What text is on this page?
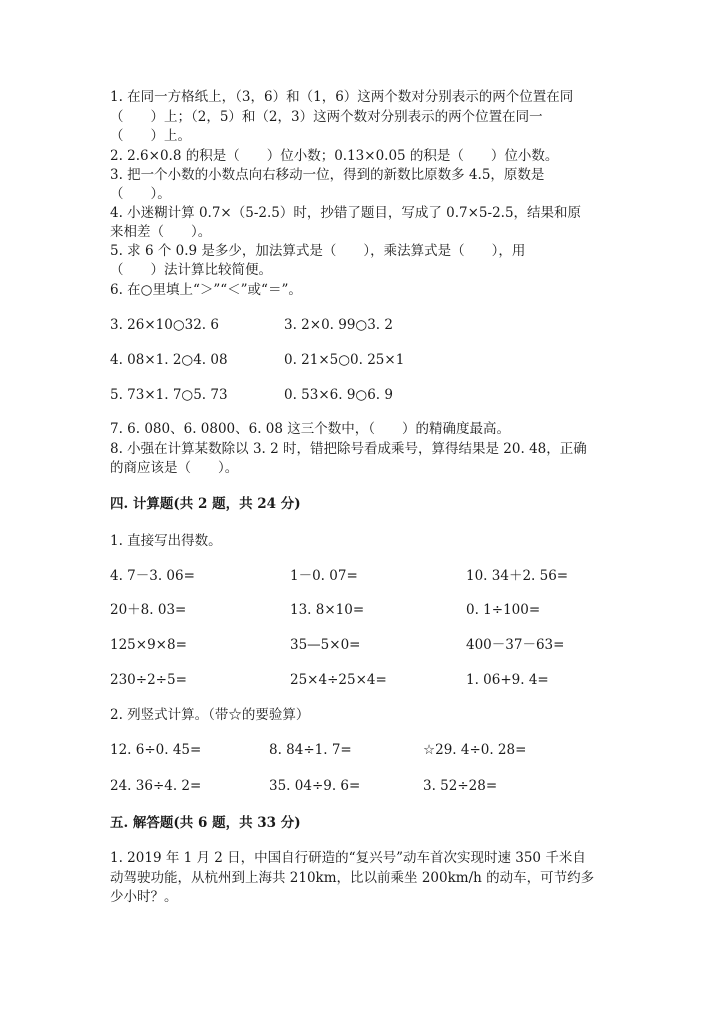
1. 在同一方格纸上，（3，6）和（1，6）这两个数对分别表示的两个位置在同
（　　）上；（2，5）和（2，3）这两个数对分别表示的两个位置在同一
（　　）上。
2. 2.6×0.8 的积是（　　）位小数；0.13×0.05 的积是（　　）位小数。
3. 把一个小数的小数点向右移动一位，得到的新数比原数多 4.5，原数是
（　　）。
4. 小迷糊计算 0.7×（5-2.5）时，抄错了题目，写成了 0.7×5-2.5，结果和原
来相差（　　）。
5. 求 6 个 0.9 是多少，加法算式是（　　），乘法算式是（　　），用
（　　）法计算比较简便。
6. 在○里填上“＞”“＜”或“＝”。
3. 26×10○32. 6	3. 2×0. 99○3. 2
4. 08×1. 2○4. 08	0. 21×5○0. 25×1
5. 73×1. 7○5. 73	0. 53×6. 9○6. 9
7. 6. 080、6. 0800、6. 08 这三个数中，（　　）的精确度最高。
8. 小强在计算某数除以 3. 2 时，错把除号看成乘号，算得结果是 20. 48，正确
的商应该是（　　）。
四. 计算题(共 2 题，共 24 分)
1. 直接写出得数。
4. 7－3. 06=	1－0. 07=	10. 34＋2. 56=
20＋8. 03=	13. 8×10=	0. 1÷100=
125×9×8=	35—5×0=	400－37－63=
230÷2÷5=	25×4÷25×4=	1. 06+9. 4=
2. 列竖式计算。（带☆的要验算）
12. 6÷0. 45=	8. 84÷1. 7=	☆29. 4÷0. 28=
24. 36÷4. 2=	35. 04÷9. 6=	3. 52÷28=
五. 解答题(共 6 题，共 33 分)
1. 2019 年 1 月 2 日，中国自行研造的“复兴号”动车首次实现时速 350 千米自
动驾驶功能，从杭州到上海共 210km，比以前乘坐 200km/h 的动车，可节约多
少小时？。
